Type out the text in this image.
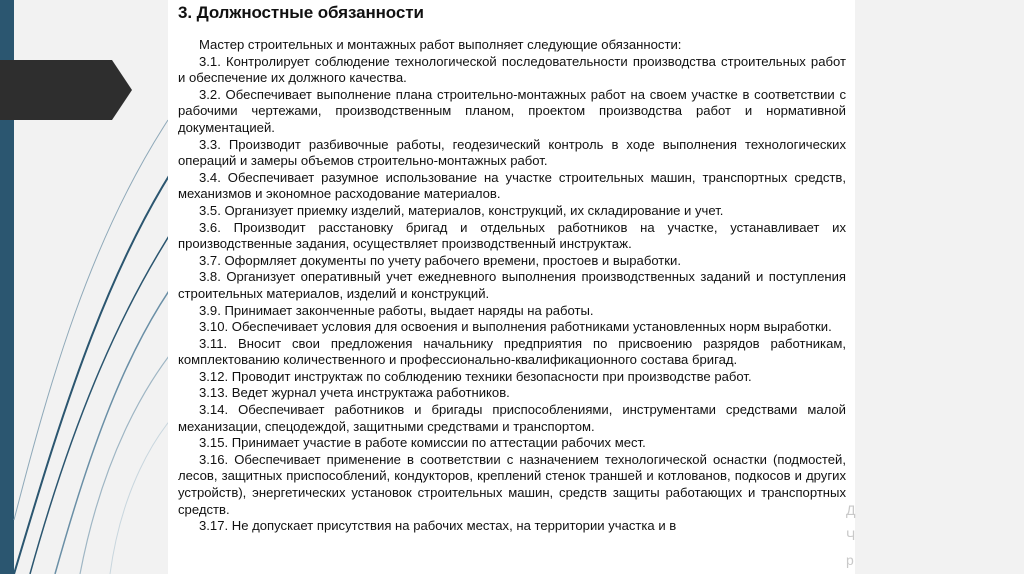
3. Должностные обязанности

Мастер строительных и монтажных работ выполняет следующие обязанности:

3.1. Контролирует соблюдение технологической последовательности производства строительных работ и обеспечение их должного качества.

3.2. Обеспечивает выполнение плана строительно-монтажных работ на своем участке в соответствии с рабочими чертежами, производственным планом, проектом производства работ и нормативной документацией.

3.3. Производит разбивочные работы, геодезический контроль в ходе выполнения технологических операций и замеры объемов строительно-монтажных работ.

3.4. Обеспечивает разумное использование на участке строительных машин, транспортных средств, механизмов и экономное расходование материалов.

3.5. Организует приемку изделий, материалов, конструкций, их складирование и учет.

3.6. Производит расстановку бригад и отдельных работников на участке, устанавливает их производственные задания, осуществляет производственный инструктаж.

3.7. Оформляет документы по учету рабочего времени, простоев и выработки.

3.8. Организует оперативный учет ежедневного выполнения производственных заданий и поступления строительных материалов, изделий и конструкций.

3.9. Принимает законченные работы, выдает наряды на работы.

3.10. Обеспечивает условия для освоения и выполнения работниками установленных норм выработки.

3.11. Вносит свои предложения начальнику предприятия по присвоению разрядов работникам, комплектованию количественного и профессионально-квалификационного состава бригад.

3.12. Проводит инструктаж по соблюдению техники безопасности при производстве работ.

3.13. Ведет журнал учета инструктажа работников.

3.14. Обеспечивает работников и бригады приспособлениями, инструментами средствами малой механизации, спецодеждой, защитными средствами и транспортом.

3.15. Принимает участие в работе комиссии по аттестации рабочих мест.

3.16. Обеспечивает применение в соответствии с назначением технологической оснастки (подмостей, лесов, защитных приспособлений, кондукторов, креплений стенок траншей и котлованов, подкосов и других устройств), энергетических установок строительных машин, средств защиты работающих и транспортных средств.

3.17. Не допускает присутствия на рабочих местах, на территории участка и в

Д
Ч
р
